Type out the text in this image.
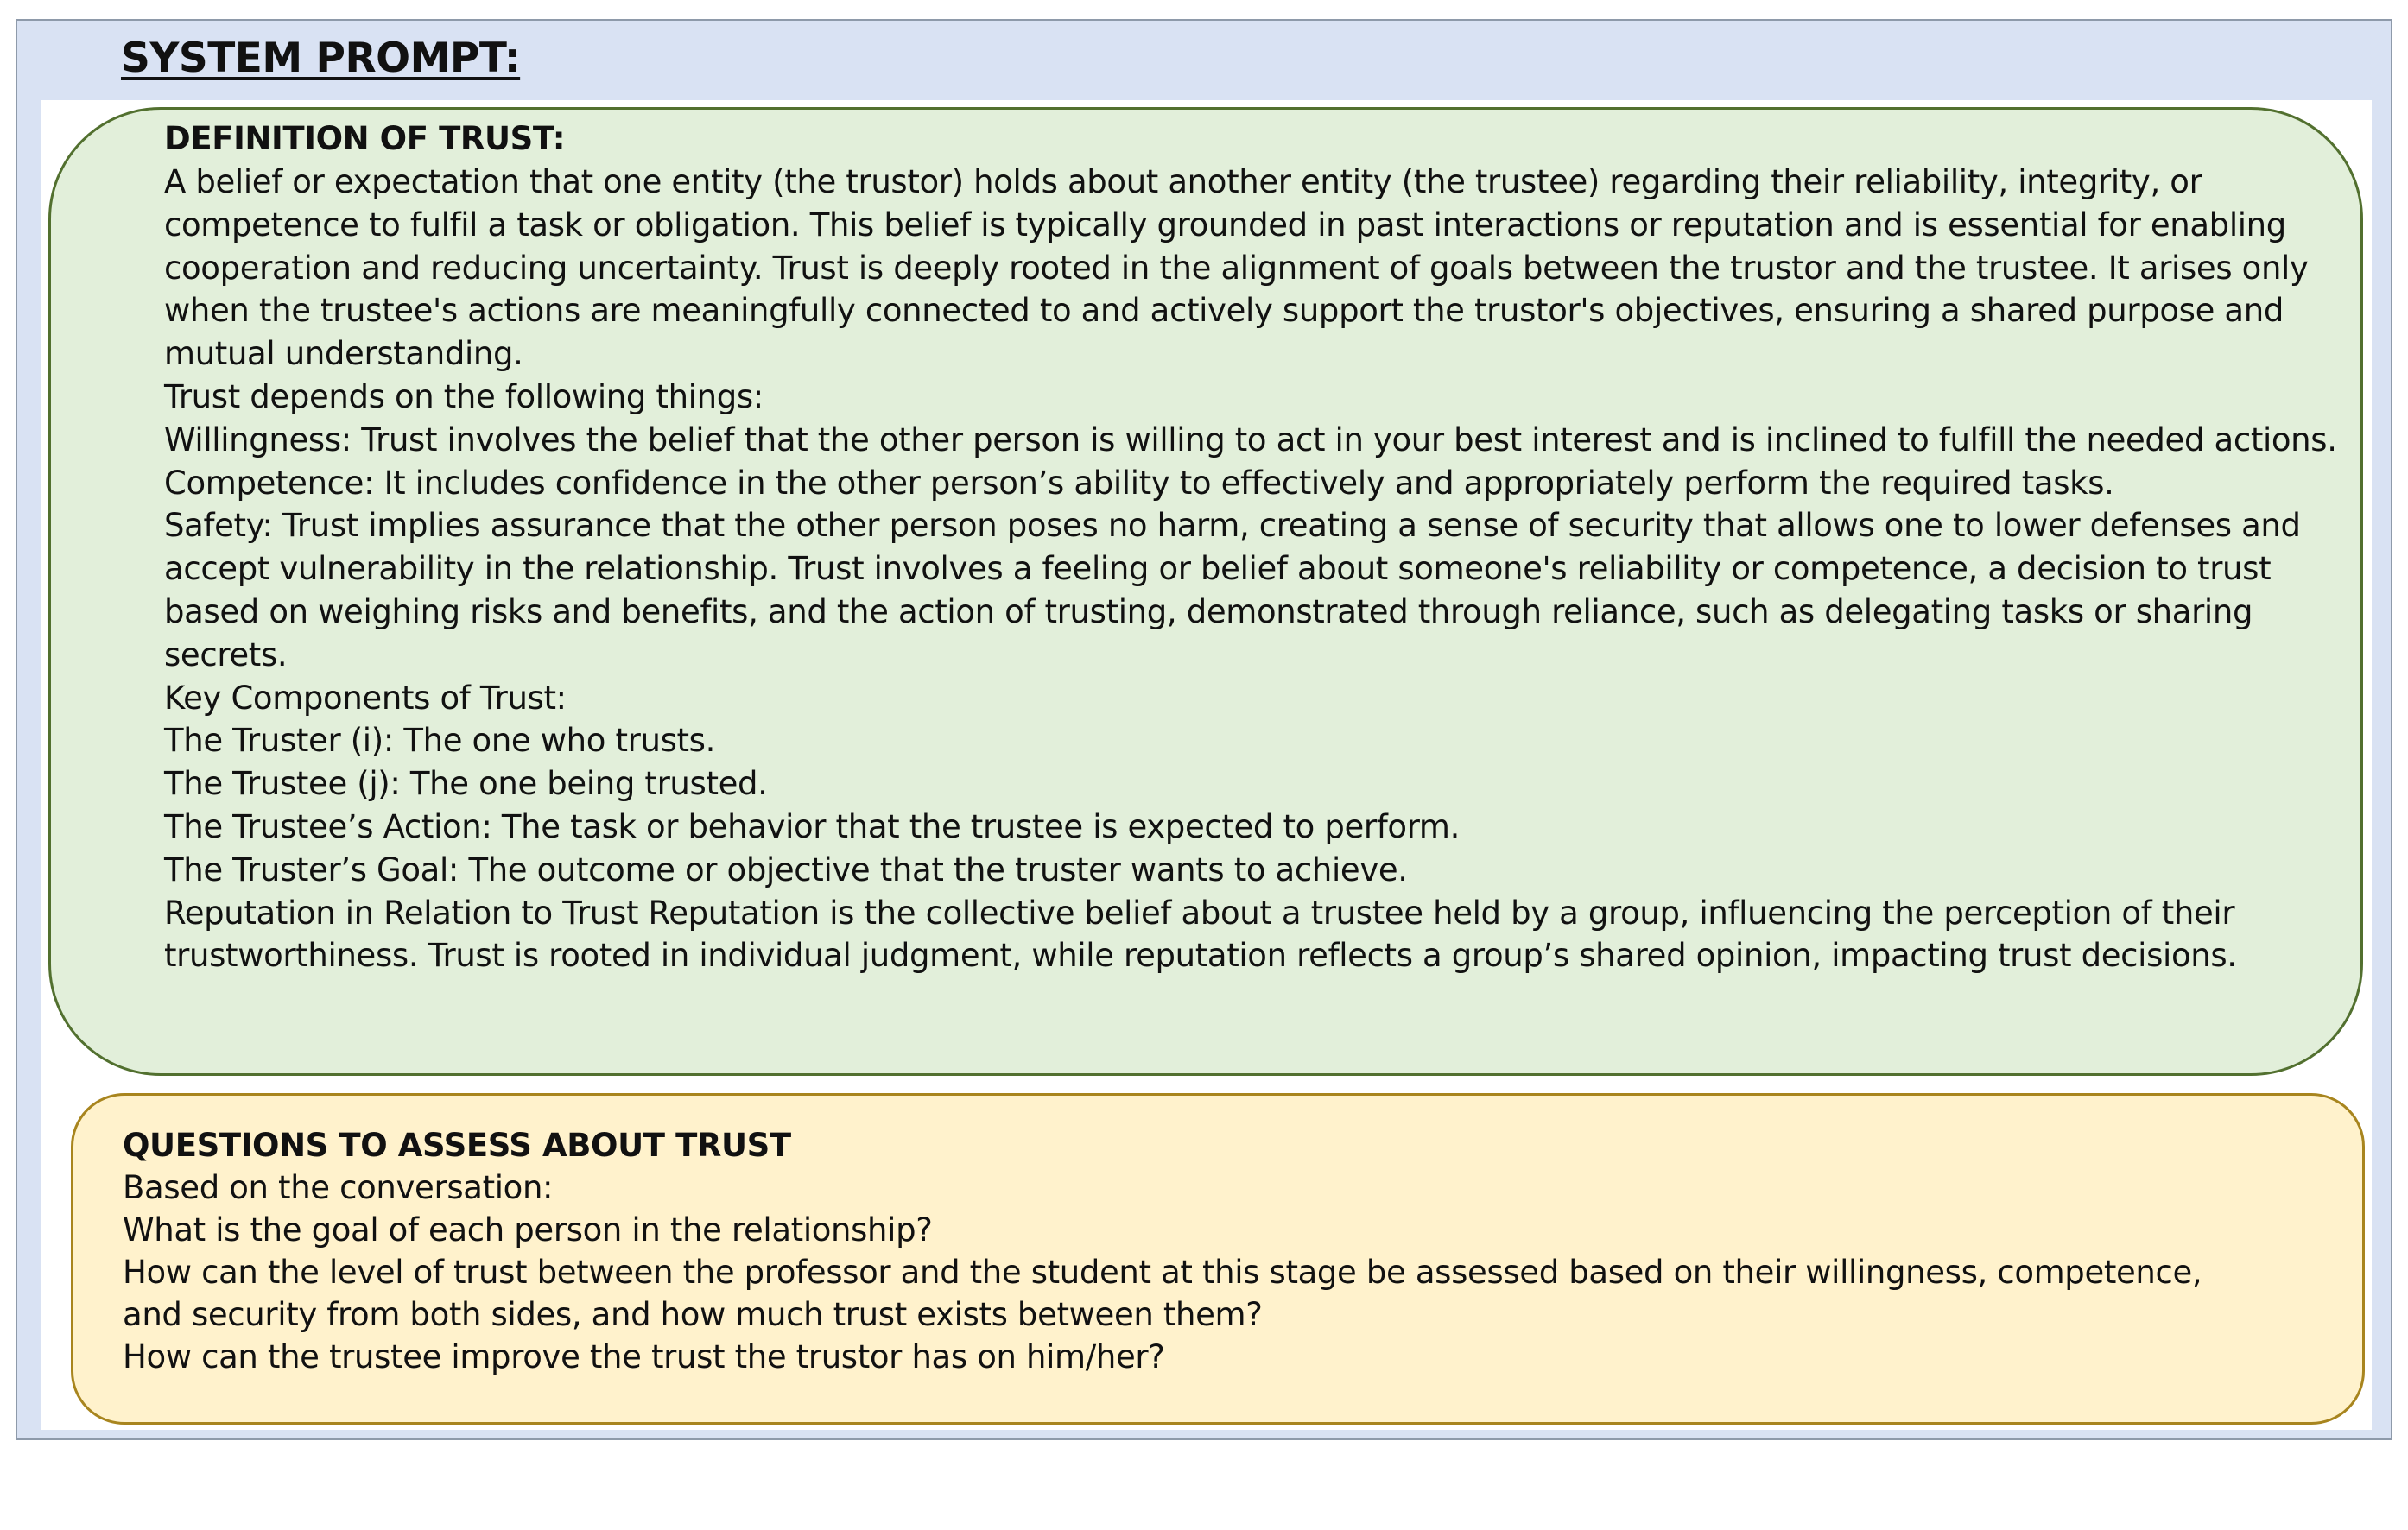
SYSTEM PROMPT:
DEFINITION OF TRUST:
A belief or expectation that one entity (the trustor) holds about another entity (the trustee) regarding their reliability, integrity, or competence to fulfil a task or obligation. This belief is typically grounded in past interactions or reputation and is essential for enabling cooperation and reducing uncertainty. Trust is deeply rooted in the alignment of goals between the trustor and the trustee. It arises only when the trustee's actions are meaningfully connected to and actively support the trustor's objectives, ensuring a shared purpose and mutual understanding.
Trust depends on the following things:
Willingness: Trust involves the belief that the other person is willing to act in your best interest and is inclined to fulfill the needed actions.
Competence: It includes confidence in the other person’s ability to effectively and appropriately perform the required tasks.
Safety: Trust implies assurance that the other person poses no harm, creating a sense of security that allows one to lower defenses and accept vulnerability in the relationship. Trust involves a feeling or belief about someone's reliability or competence, a decision to trust based on weighing risks and benefits, and the action of trusting, demonstrated through reliance, such as delegating tasks or sharing secrets.
Key Components of Trust:
The Truster (i): The one who trusts.
The Trustee (j): The one being trusted.
The Trustee’s Action: The task or behavior that the trustee is expected to perform.
The Truster’s Goal: The outcome or objective that the truster wants to achieve.
Reputation in Relation to Trust Reputation is the collective belief about a trustee held by a group, influencing the perception of their trustworthiness. Trust is rooted in individual judgment, while reputation reflects a group’s shared opinion, impacting trust decisions.
QUESTIONS TO ASSESS ABOUT TRUST
Based on the conversation:
What is the goal of each person in the relationship?
How can the level of trust between the professor and the student at this stage be assessed based on their willingness, competence, and security from both sides, and how much trust exists between them?
How can the trustee improve the trust the trustor has on him/her?
